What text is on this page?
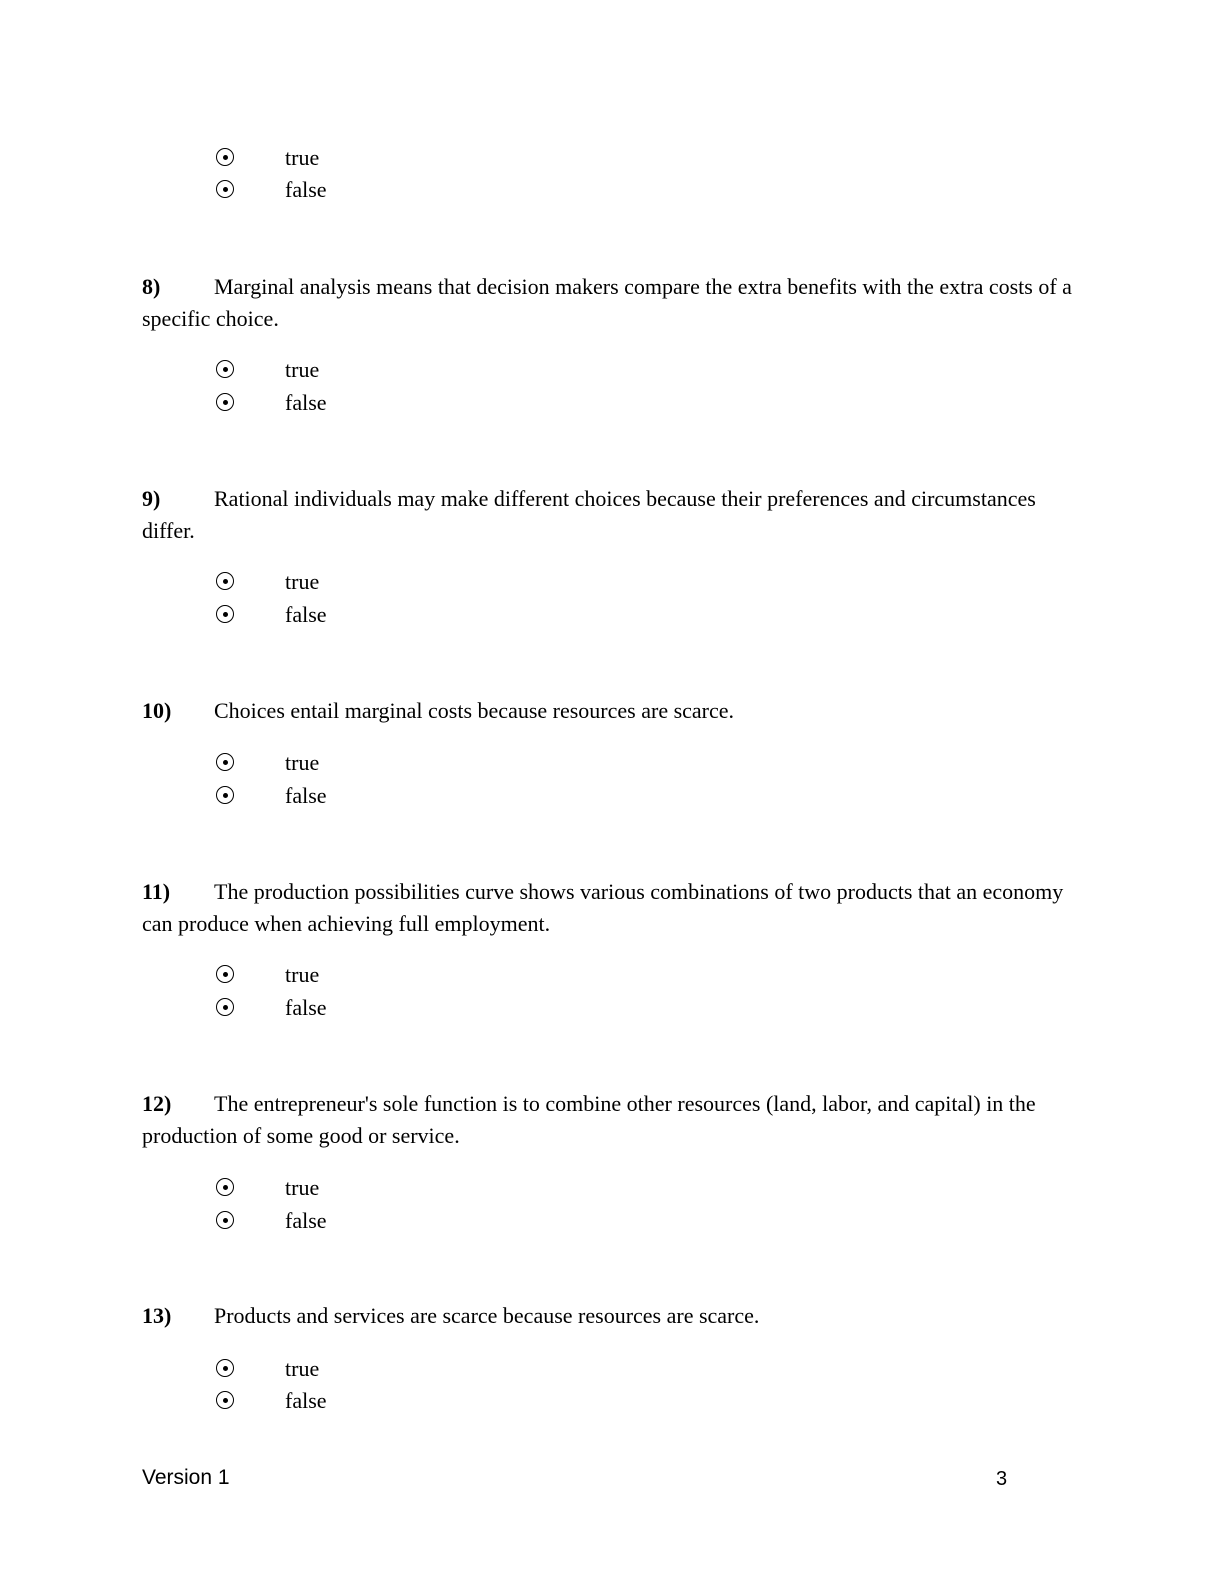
true
false
8)	Marginal analysis means that decision makers compare the extra benefits with the extra costs of a specific choice.
true
false
9)	Rational individuals may make different choices because their preferences and circumstances differ.
true
false
10)	Choices entail marginal costs because resources are scarce.
true
false
11)	The production possibilities curve shows various combinations of two products that an economy can produce when achieving full employment.
true
false
12)	The entrepreneur's sole function is to combine other resources (land, labor, and capital) in the production of some good or service.
true
false
13)	Products and services are scarce because resources are scarce.
true
false
Version 1	3
